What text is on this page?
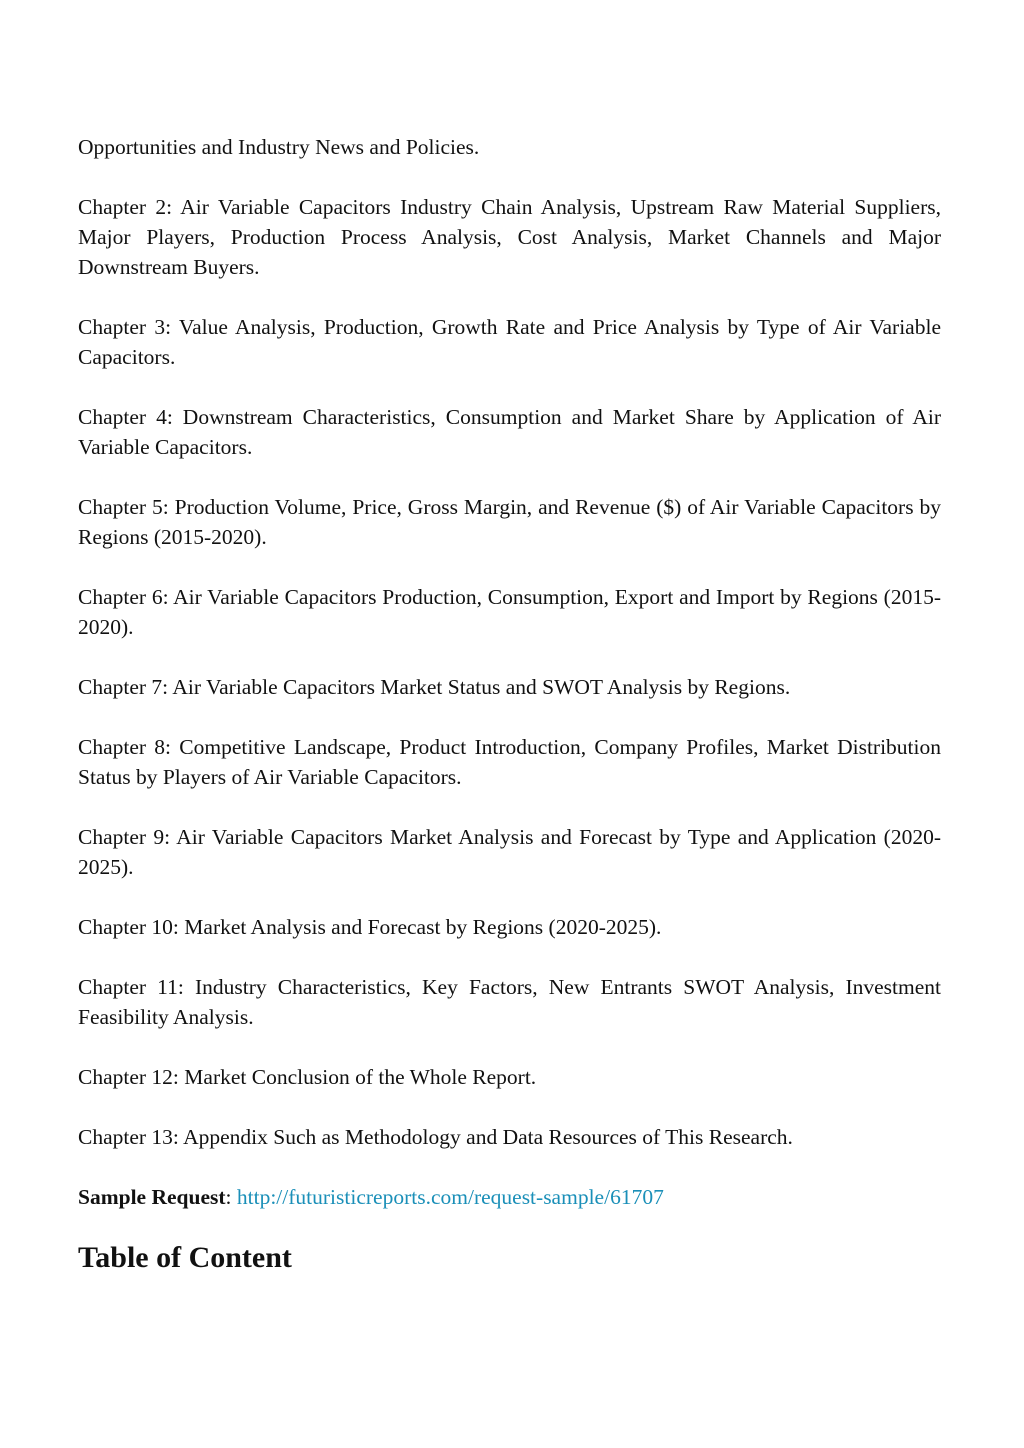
Opportunities and Industry News and Policies.

Chapter 2: Air Variable Capacitors Industry Chain Analysis, Upstream Raw Material Suppliers, Major Players, Production Process Analysis, Cost Analysis, Market Channels and Major Downstream Buyers.

Chapter 3: Value Analysis, Production, Growth Rate and Price Analysis by Type of Air Variable Capacitors.

Chapter 4: Downstream Characteristics, Consumption and Market Share by Application of Air Variable Capacitors.

Chapter 5: Production Volume, Price, Gross Margin, and Revenue ($) of Air Variable Capacitors by Regions (2015-2020).

Chapter 6: Air Variable Capacitors Production, Consumption, Export and Import by Regions (2015-2020).

Chapter 7: Air Variable Capacitors Market Status and SWOT Analysis by Regions.

Chapter 8: Competitive Landscape, Product Introduction, Company Profiles, Market Distribution Status by Players of Air Variable Capacitors.

Chapter 9: Air Variable Capacitors Market Analysis and Forecast by Type and Application (2020-2025).

Chapter 10: Market Analysis and Forecast by Regions (2020-2025).

Chapter 11: Industry Characteristics, Key Factors, New Entrants SWOT Analysis, Investment Feasibility Analysis.

Chapter 12: Market Conclusion of the Whole Report.

Chapter 13: Appendix Such as Methodology and Data Resources of This Research.

Sample Request: http://futuristicreports.com/request-sample/61707

Table of Content
